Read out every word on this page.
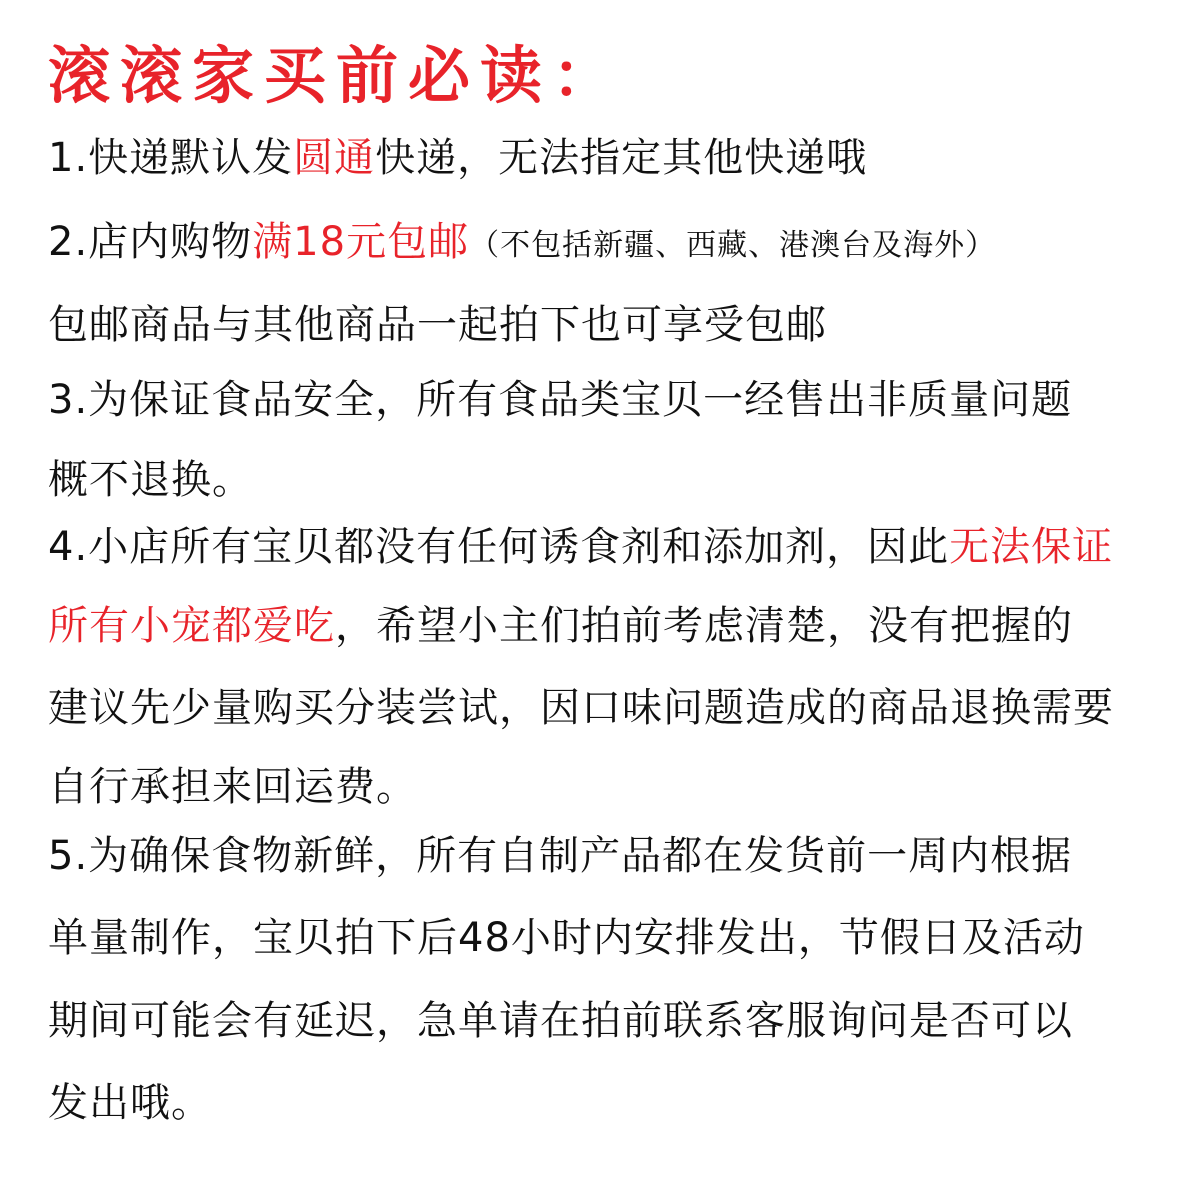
滚滚家买前必读：
1.快递默认发圆通快递，无法指定其他快递哦
2.店内购物满18元包邮（不包括新疆、西藏、港澳台及海外）
包邮商品与其他商品一起拍下也可享受包邮
3.为保证食品安全，所有食品类宝贝一经售出非质量问题
概不退换。
4.小店所有宝贝都没有任何诱食剂和添加剂，因此无法保证
所有小宠都爱吃，希望小主们拍前考虑清楚，没有把握的
建议先少量购买分装尝试，因口味问题造成的商品退换需要
自行承担来回运费。
5.为确保食物新鲜，所有自制产品都在发货前一周内根据
单量制作，宝贝拍下后48小时内安排发出，节假日及活动
期间可能会有延迟，急单请在拍前联系客服询问是否可以
发出哦。
